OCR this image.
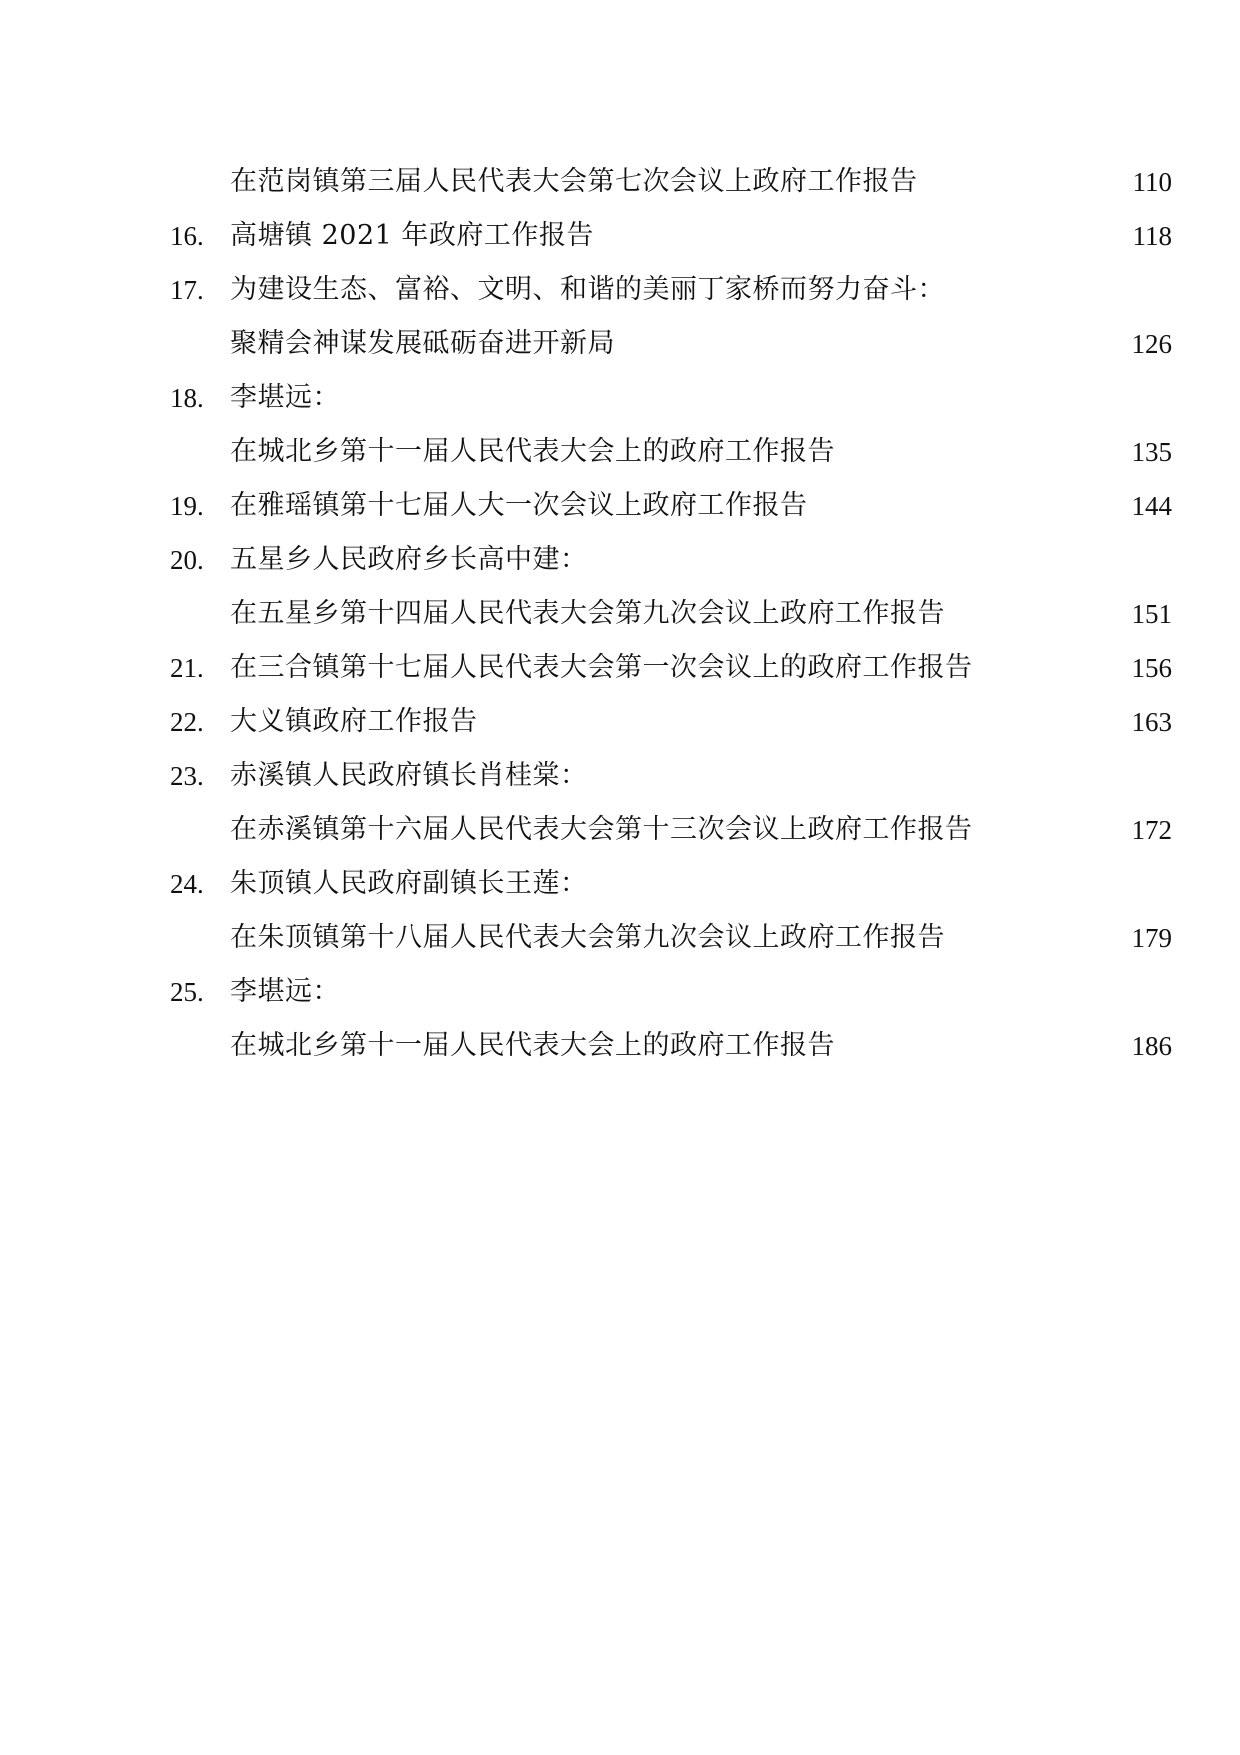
在范岗镇第三届人民代表大会第七次会议上政府工作报告	110
16. 高塘镇 2021 年政府工作报告	118
17. 为建设生态、富裕、文明、和谐的美丽丁家桥而努力奋斗：
聚精会神谋发展砥砺奋进开新局	126
18. 李堪远：
在城北乡第十一届人民代表大会上的政府工作报告	135
19. 在雅瑶镇第十七届人大一次会议上政府工作报告	144
20. 五星乡人民政府乡长高中建：
在五星乡第十四届人民代表大会第九次会议上政府工作报告	151
21. 在三合镇第十七届人民代表大会第一次会议上的政府工作报告	156
22. 大义镇政府工作报告	163
23. 赤溪镇人民政府镇长肖桂棠：
在赤溪镇第十六届人民代表大会第十三次会议上政府工作报告	172
24. 朱顶镇人民政府副镇长王莲：
在朱顶镇第十八届人民代表大会第九次会议上政府工作报告	179
25. 李堪远：
在城北乡第十一届人民代表大会上的政府工作报告	186
